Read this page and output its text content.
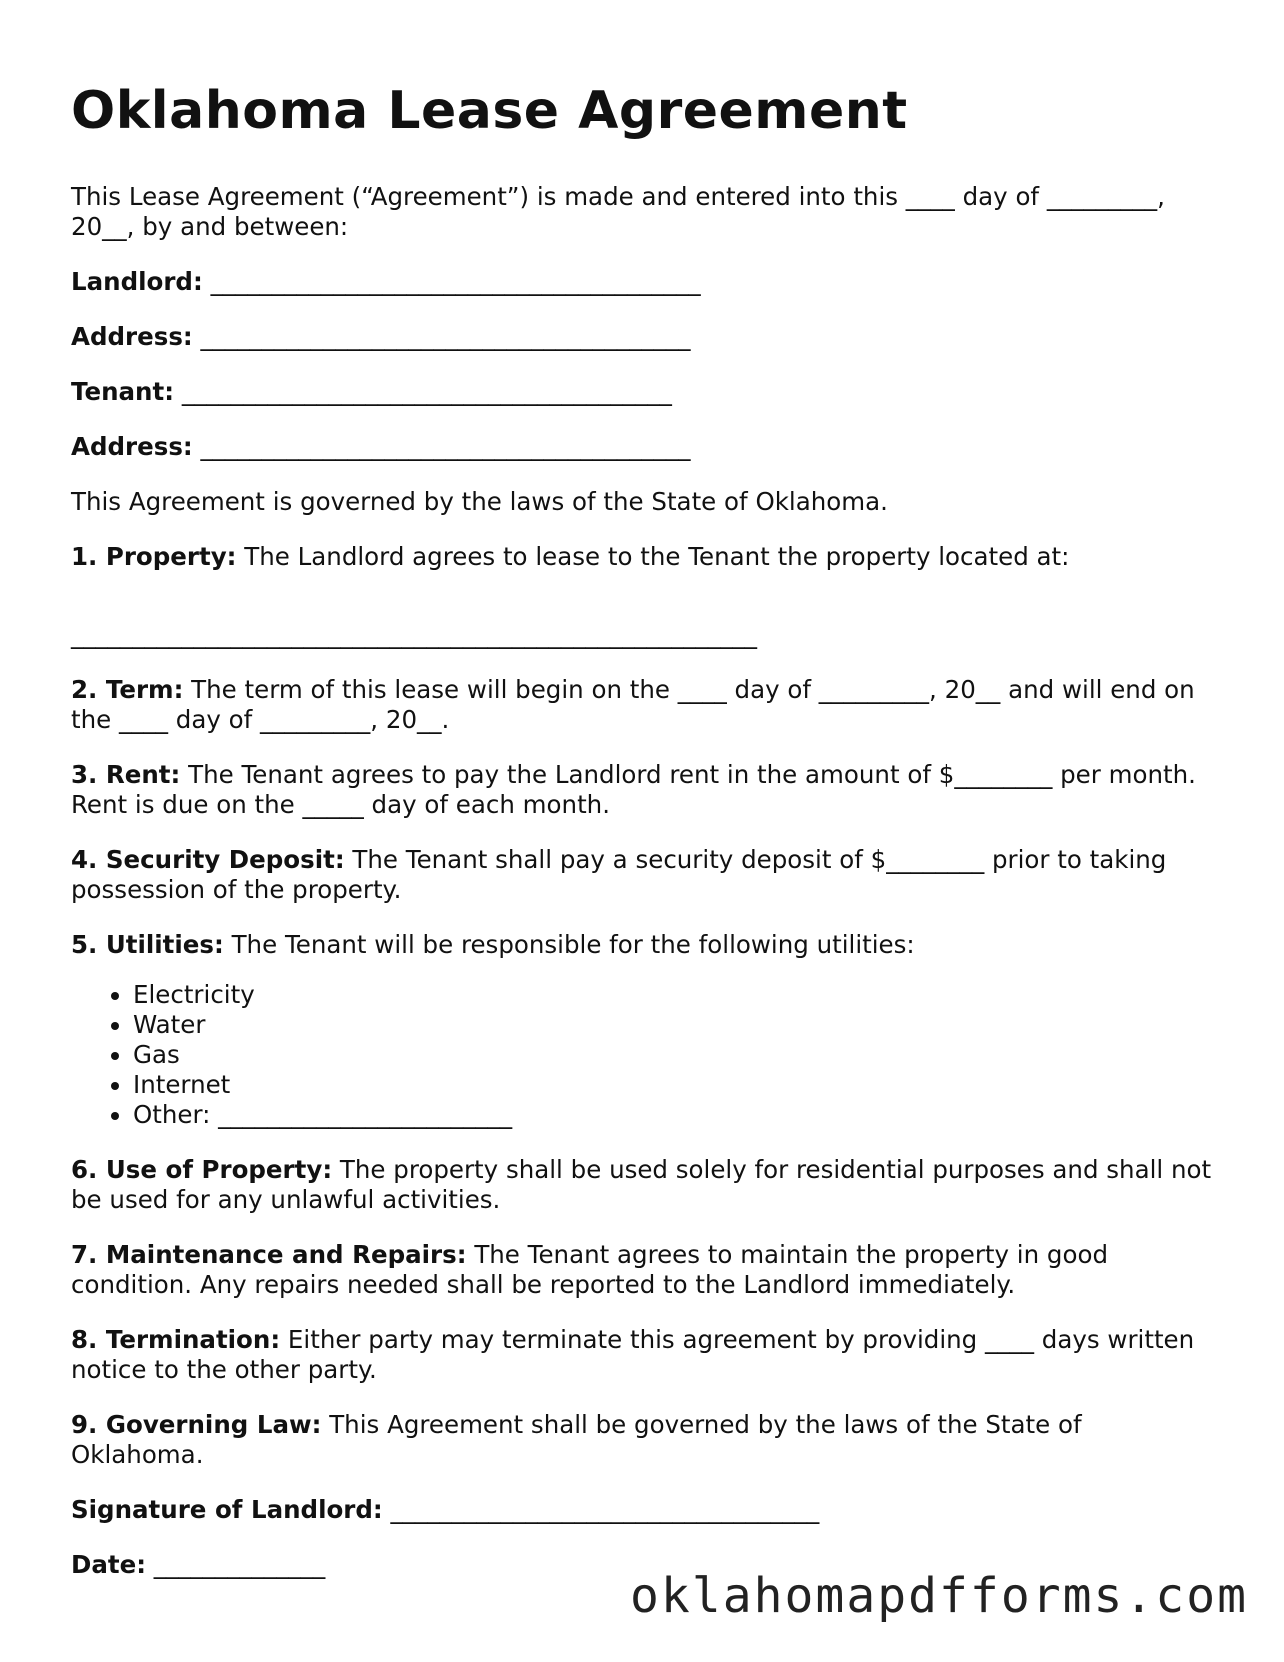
Oklahoma Lease Agreement

This Lease Agreement (“Agreement”) is made and entered into this ____ day of _________, 20__, by and between:

Landlord: ________________________________________

Address: ________________________________________

Tenant: ________________________________________

Address: ________________________________________

This Agreement is governed by the laws of the State of Oklahoma.

1. Property: The Landlord agrees to lease to the Tenant the property located at:

________________________________________________________

2. Term: The term of this lease will begin on the ____ day of _________, 20__ and will end on the ____ day of _________, 20__.

3. Rent: The Tenant agrees to pay the Landlord rent in the amount of $________ per month. Rent is due on the _____ day of each month.

4. Security Deposit: The Tenant shall pay a security deposit of $________ prior to taking possession of the property.

5. Utilities: The Tenant will be responsible for the following utilities:

• Electricity
• Water
• Gas
• Internet
• Other: ________________________

6. Use of Property: The property shall be used solely for residential purposes and shall not be used for any unlawful activities.

7. Maintenance and Repairs: The Tenant agrees to maintain the property in good condition. Any repairs needed shall be reported to the Landlord immediately.

8. Termination: Either party may terminate this agreement by providing ____ days written notice to the other party.

9. Governing Law: This Agreement shall be governed by the laws of the State of Oklahoma.

Signature of Landlord: ___________________________________

Date: ______________

oklahomapdfforms.com
